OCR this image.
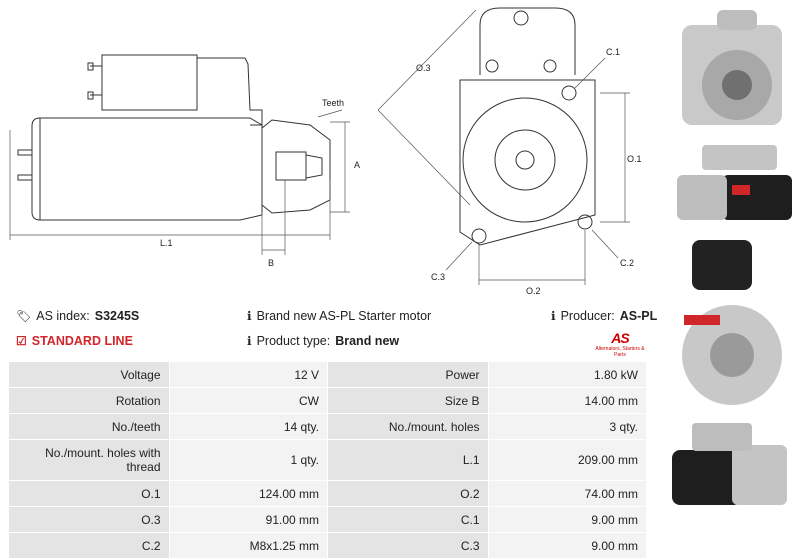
Teeth
A
B
L.1
O.3
C.1
O.1
C.2
C.3
O.2
🏷 AS index: S3245S
☑ STANDARD LINE
ℹ Brand new AS-PL Starter motor
ℹ Product type: Brand new
ℹ Producer: AS-PL
AS
Alternators, Starters & Parts
Voltage	12 V	Power	1.80 kW
Rotation	CW	Size B	14.00 mm
No./teeth	14 qty.	No./mount. holes	3 qty.
No./mount. holes with thread	1 qty.	L.1	209.00 mm
O.1	124.00 mm	O.2	74.00 mm
O.3	91.00 mm	C.1	9.00 mm
C.2	M8x1.25 mm	C.3	9.00 mm
